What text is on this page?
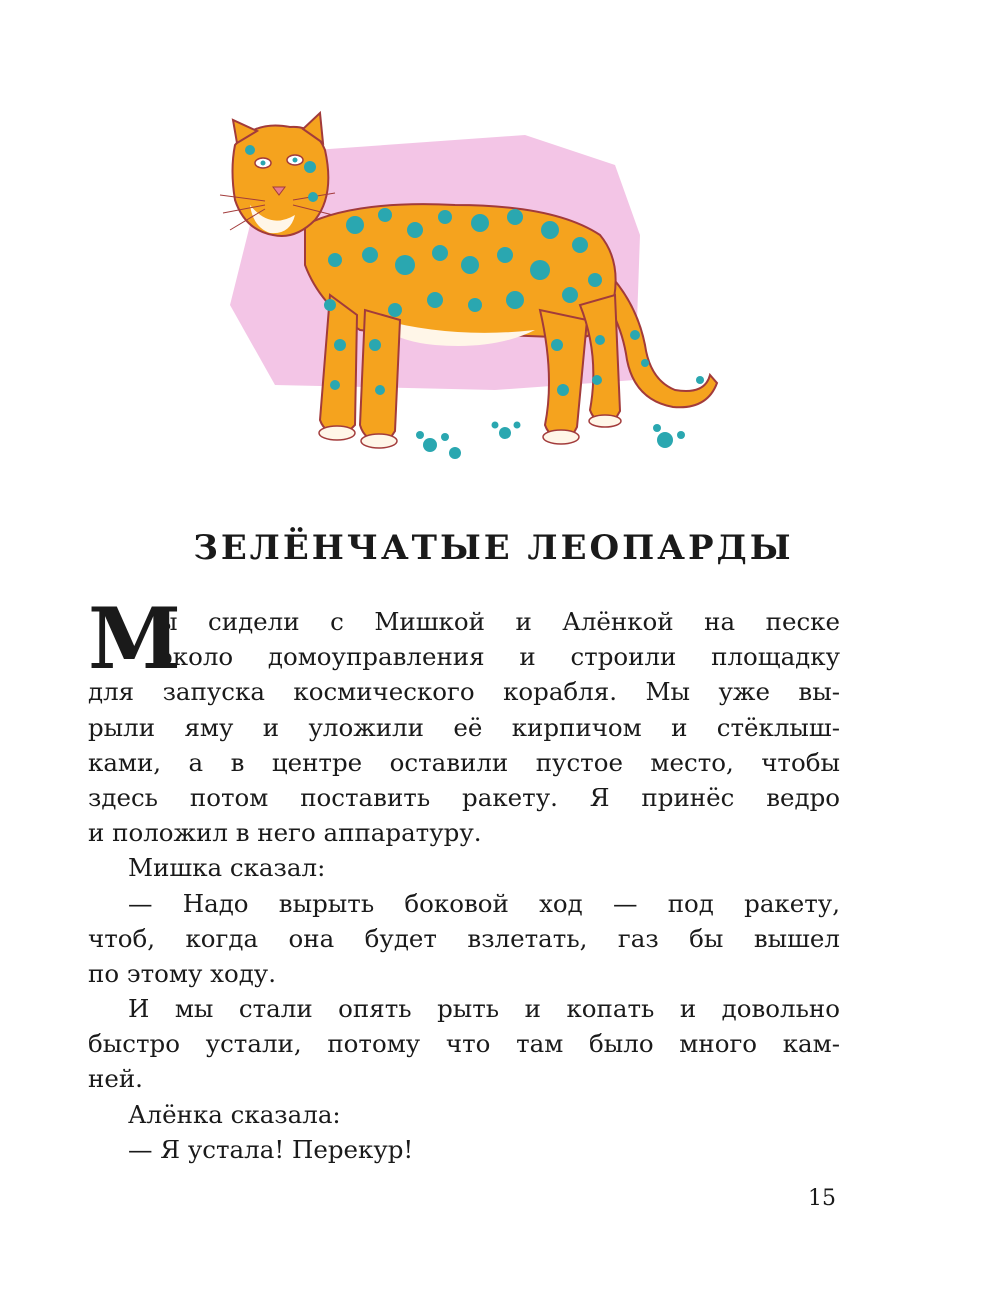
ЗЕЛЁНЧАТЫЕ ЛЕОПАРДЫ
М
ы сидели с Мишкой и Алёнкой на песке
около домоуправления и строили площадку
для запуска космического корабля. Мы уже вы-
рыли яму и уложили её кирпичом и стёклыш-
ками, а в центре оставили пустое место, чтобы
здесь потом поставить ракету. Я принёс ведро
и положил в него аппаратуру.
Мишка сказал:
— Надо вырыть боковой ход — под ракету,
чтоб, когда она будет взлетать, газ бы вышел
по этому ходу.
И мы стали опять рыть и копать и довольно
быстро устали, потому что там было много кам-
ней.
Алёнка сказала:
— Я устала! Перекур!
15
